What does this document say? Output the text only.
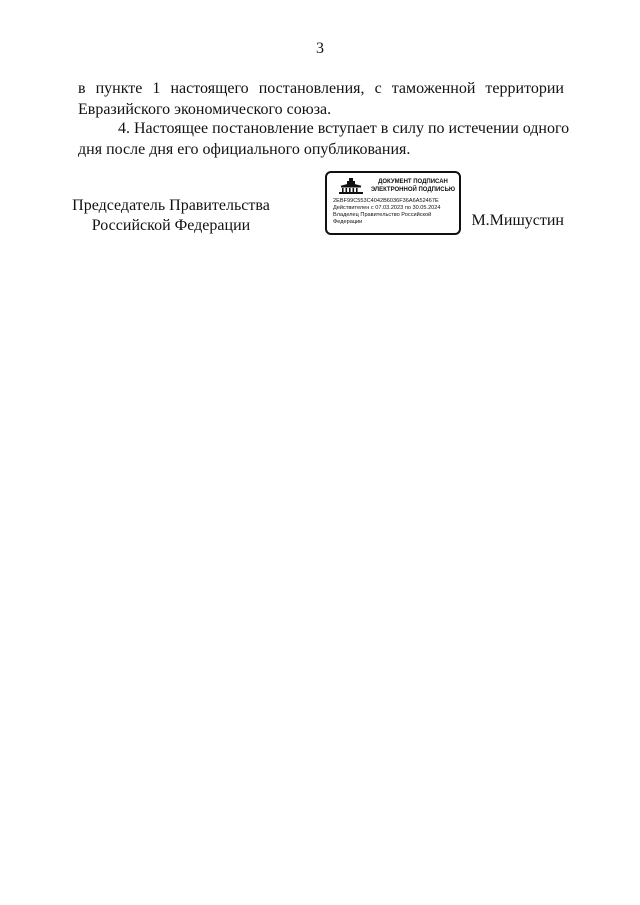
3
в пункте 1 настоящего постановления, с таможенной территории
Евразийского экономического союза.
4. Настоящее постановление вступает в силу по истечении одного
дня после дня его официального опубликования.
Председатель Правительства
Российской Федерации
ДОКУМЕНТ ПОДПИСАН
ЭЛЕКТРОННОЙ ПОДПИСЬЮ
2EBF99C553C4042B6036F36A6A52467E
Действителен с 07.03.2023 по 30.05.2024
Владелец Правительство Российской
Федерации	М.Мишустин
